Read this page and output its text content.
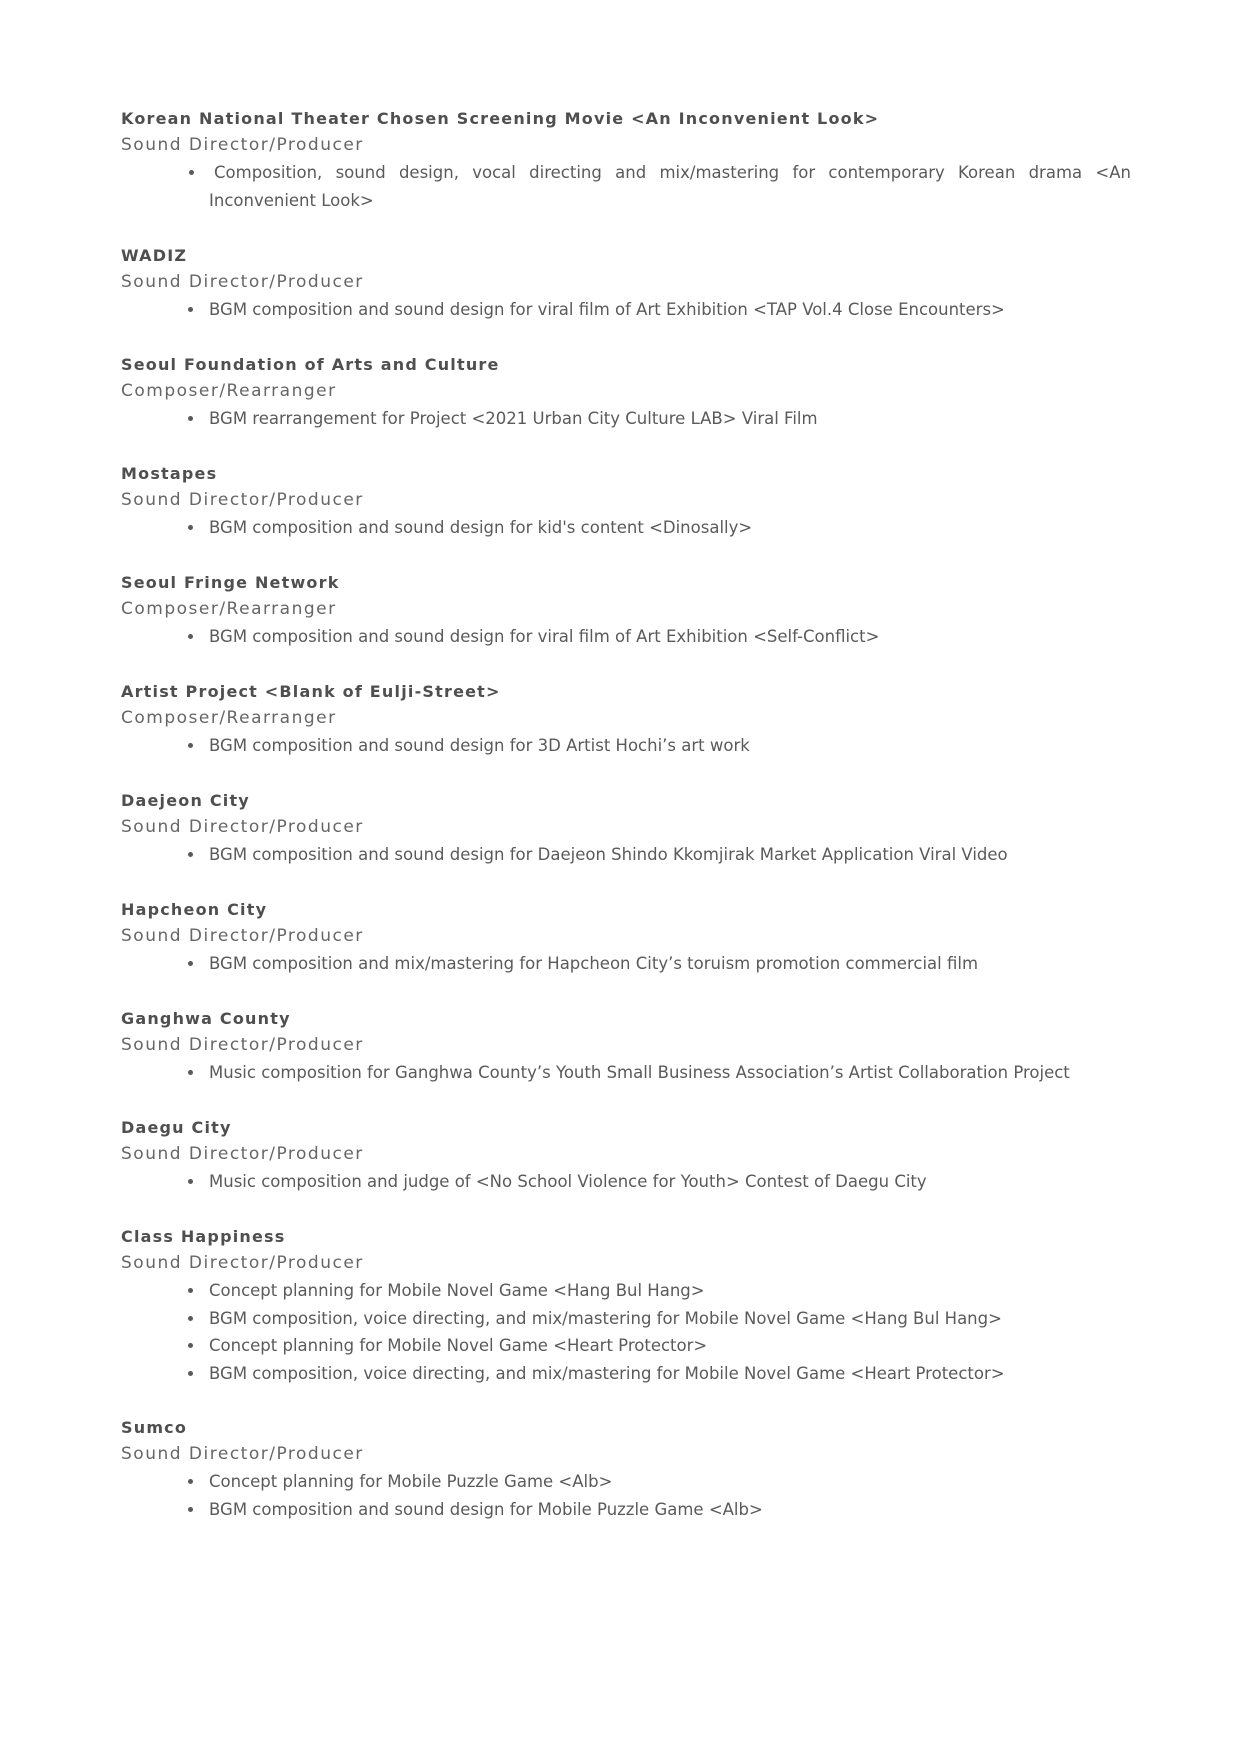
Korean National Theater Chosen Screening Movie <An Inconvenient Look>
Sound Director/Producer
Composition, sound design, vocal directing and mix/mastering for contemporary Korean drama <An Inconvenient Look>
WADIZ
Sound Director/Producer
BGM composition and sound design for viral film of Art Exhibition <TAP Vol.4 Close Encounters>
Seoul Foundation of Arts and Culture
Composer/Rearranger
BGM rearrangement for Project <2021 Urban City Culture LAB> Viral Film
Mostapes
Sound Director/Producer
BGM composition and sound design for kid's content <Dinosally>
Seoul Fringe Network
Composer/Rearranger
BGM composition and sound design for viral film of Art Exhibition <Self-Conflict>
Artist Project <Blank of Eulji-Street>
Composer/Rearranger
BGM composition and sound design for 3D Artist Hochi’s art work
Daejeon City
Sound Director/Producer
BGM composition and sound design for Daejeon Shindo Kkomjirak Market Application Viral Video
Hapcheon City
Sound Director/Producer
BGM composition and mix/mastering for Hapcheon City’s toruism promotion commercial film
Ganghwa County
Sound Director/Producer
Music composition for Ganghwa County’s Youth Small Business Association’s Artist Collaboration Project
Daegu City
Sound Director/Producer
Music composition and judge of <No School Violence for Youth> Contest of Daegu City
Class Happiness
Sound Director/Producer
Concept planning for Mobile Novel Game <Hang Bul Hang>
BGM composition, voice directing, and mix/mastering for Mobile Novel Game <Hang Bul Hang>
Concept planning for Mobile Novel Game <Heart Protector>
BGM composition, voice directing, and mix/mastering for Mobile Novel Game <Heart Protector>
Sumco
Sound Director/Producer
Concept planning for Mobile Puzzle Game <Alb>
BGM composition and sound design for Mobile Puzzle Game <Alb>
